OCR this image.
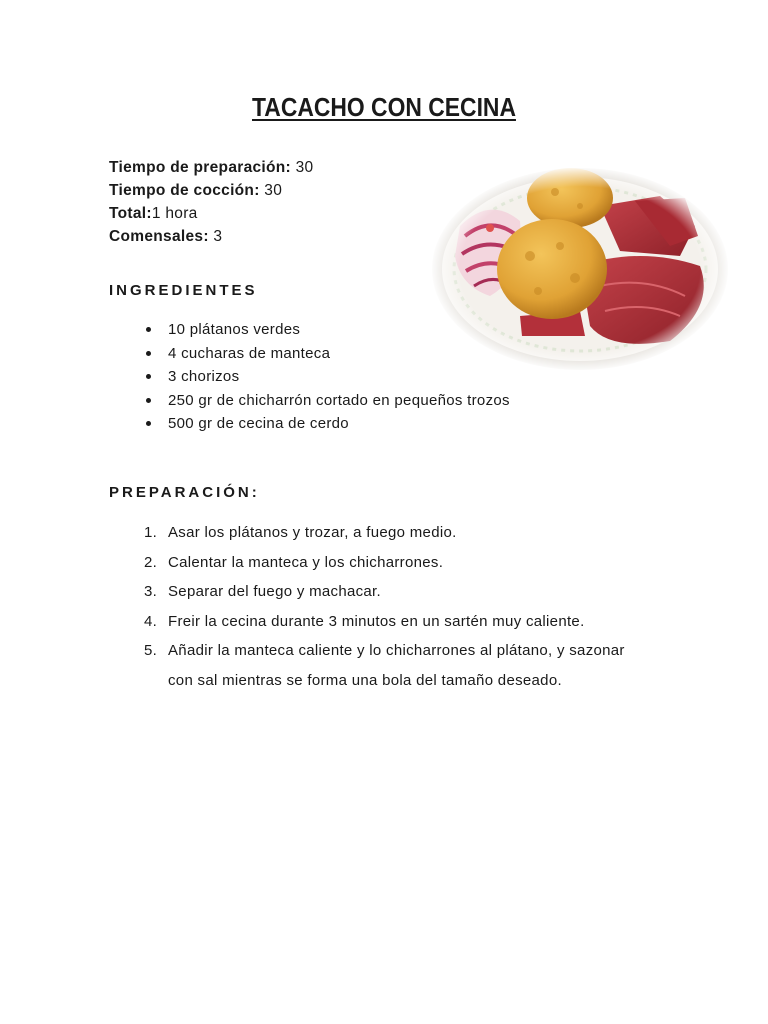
TACACHO CON CECINA
Tiempo de preparación: 30
Tiempo de cocción: 30
Total:1 hora
Comensales: 3
INGREDIENTES
10 plátanos verdes
4 cucharas de manteca
3 chorizos
250 gr de chicharrón cortado en pequeños trozos
500 gr de cecina de cerdo
PREPARACIÓN:
1. Asar los plátanos y trozar, a fuego medio.
2. Calentar la manteca y los chicharrones.
3. Separar del fuego y machacar.
4. Freir la cecina durante 3 minutos en un sartén muy caliente.
5. Añadir la manteca caliente y lo chicharrones al plátano, y sazonar con sal mientras se forma una bola del tamaño deseado.
